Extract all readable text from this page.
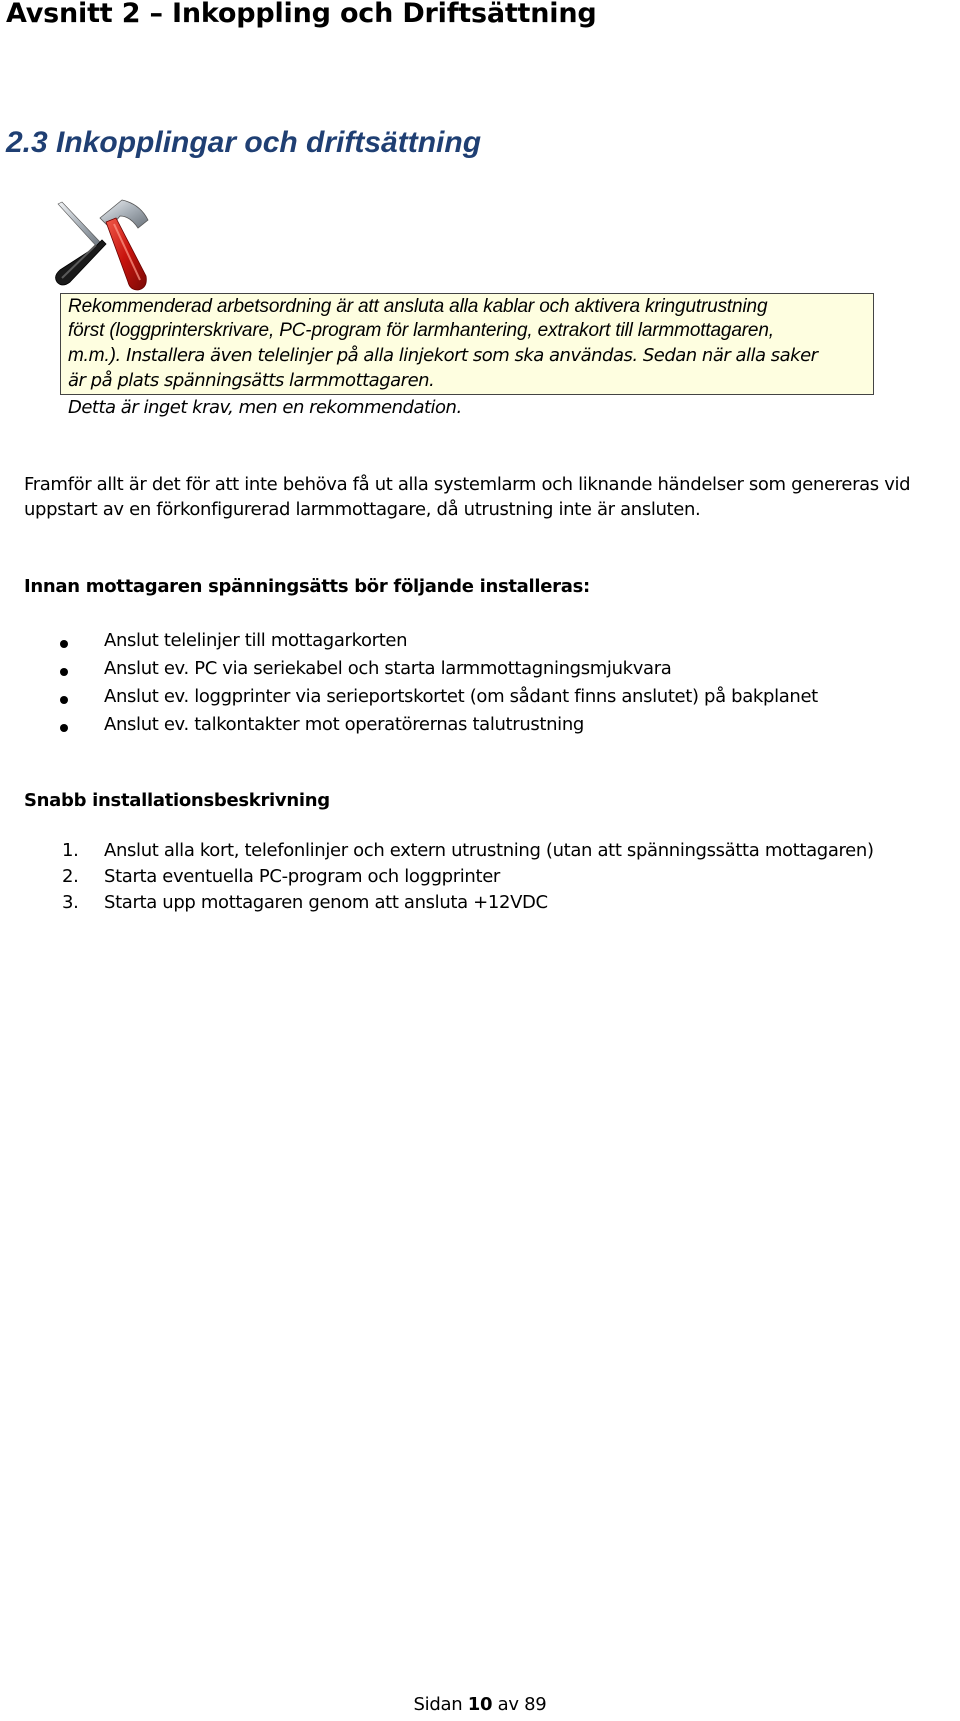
Avsnitt 2 – Inkoppling och Driftsättning
2.3 Inkopplingar och driftsättning
Rekommenderad arbetsordning är att ansluta alla kablar och aktivera kringutrustning
först (loggprinterskrivare, PC-program för larmhantering, extrakort till larmmottagaren,
m.m.). Installera även telelinjer på alla linjekort som ska användas. Sedan när alla saker
är på plats spänningsätts larmmottagaren.
Detta är inget krav, men en rekommendation.
Framför allt är det för att inte behöva få ut alla systemlarm och liknande händelser som genereras vid
uppstart av en förkonfigurerad larmmottagare, då utrustning inte är ansluten.
Innan mottagaren spänningsätts bör följande installeras:
Anslut telelinjer till mottagarkorten
Anslut ev. PC via seriekabel och starta larmmottagningsmjukvara
Anslut ev. loggprinter via serieportskortet (om sådant finns anslutet) på bakplanet
Anslut ev. talkontakter mot operatörernas talutrustning
Snabb installationsbeskrivning
1. Anslut alla kort, telefonlinjer och extern utrustning (utan att spänningssätta mottagaren)
2. Starta eventuella PC-program och loggprinter
3. Starta upp mottagaren genom att ansluta +12VDC
Sidan 10 av 89
